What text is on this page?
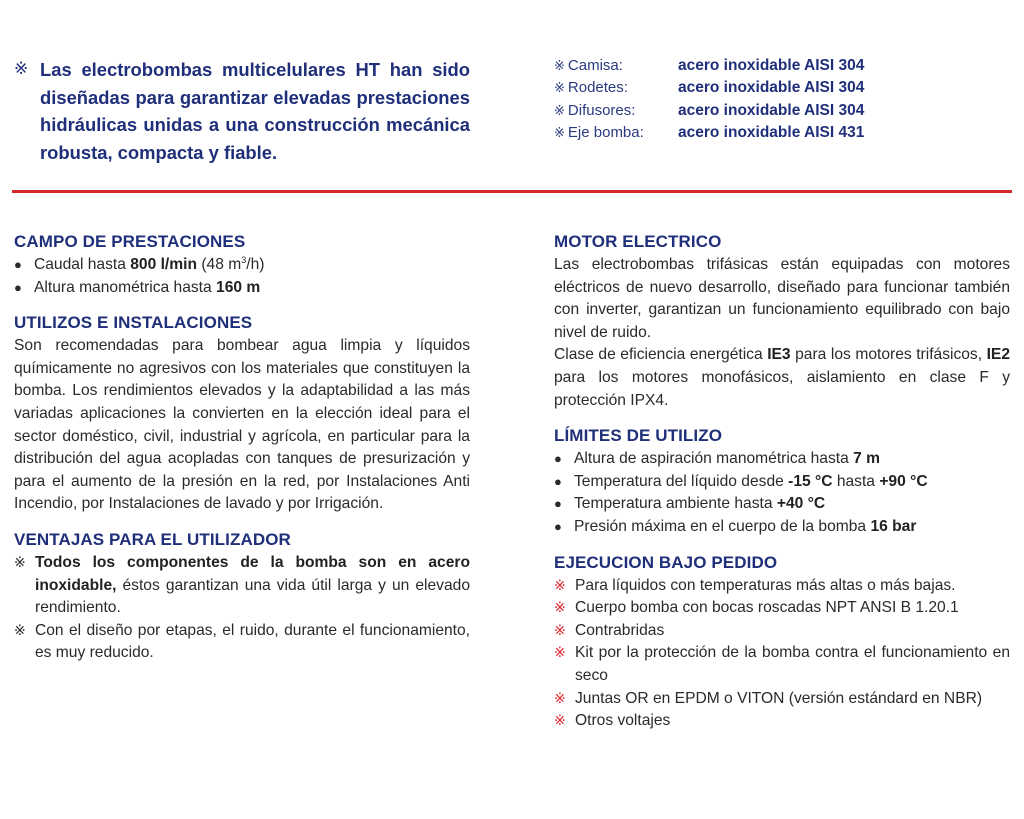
※ Las electrobombas multicelulares HT han sido diseñadas para garantizar elevadas prestaciones hidráulicas unidas a una construcción mecánica robusta, compacta y fiable.
※ Camisa:	acero inoxidable AISI 304
※ Rodetes:	acero inoxidable AISI 304
※ Difusores:	acero inoxidable AISI 304
※ Eje bomba:	acero inoxidable AISI 431
CAMPO DE PRESTACIONES
● Caudal hasta 800 l/min (48 $m^3/h$)
● Altura manométrica hasta 160 m
UTILIZOS E INSTALACIONES

Son recomendadas para bombear agua limpia y líquidos químicamente no agresivos con los materiales que constituyen la bomba. Los rendimientos elevados y la adaptabilidad a las más variadas aplicaciones la convierten en la elección ideal para el sector doméstico, civil, industrial y agrícola, en particular para la distribución del agua acopladas con tanques de presurización y para el aumento de la presión en la red, por Instalaciones Anti Incendio, por Instalaciones de lavado y por Irrigación.

VENTAJAS PARA EL UTILIZADOR
※ Todos los componentes de la bomba son en acero inoxidable, éstos garantizan una vida útil larga y un elevado rendimiento.
※ Con el diseño por etapas, el ruido, durante el funcionamiento, es muy reducido.
MOTOR ELECTRICO

Las electrobombas trifásicas están equipadas con motores eléctricos de nuevo desarrollo, diseñado para funcionar también con inverter, garantizan un funcionamiento equilibrado con bajo nivel de ruido.

Clase de eficiencia energética IE3 para los motores trifásicos, IE2 para los motores monofásicos, aislamiento en clase F y protección IPX4.

LÍMITES DE UTILIZO
● Altura de aspiración manométrica hasta 7 m
● Temperatura del líquido desde -15 °C hasta +90 °C
● Temperatura ambiente hasta +40 °C
● Presión máxima en el cuerpo de la bomba 16 bar
EJECUCION BAJO PEDIDO
※ Para líquidos con temperaturas más altas o más bajas.
※ Cuerpo bomba con bocas roscadas NPT ANSI B 1.20.1
※ Contrabridas
※ Kit por la protección de la bomba contra el funcionamiento en seco
※ Juntas OR en EPDM o VITON (versión estándard en NBR)
※ Otros voltajes
